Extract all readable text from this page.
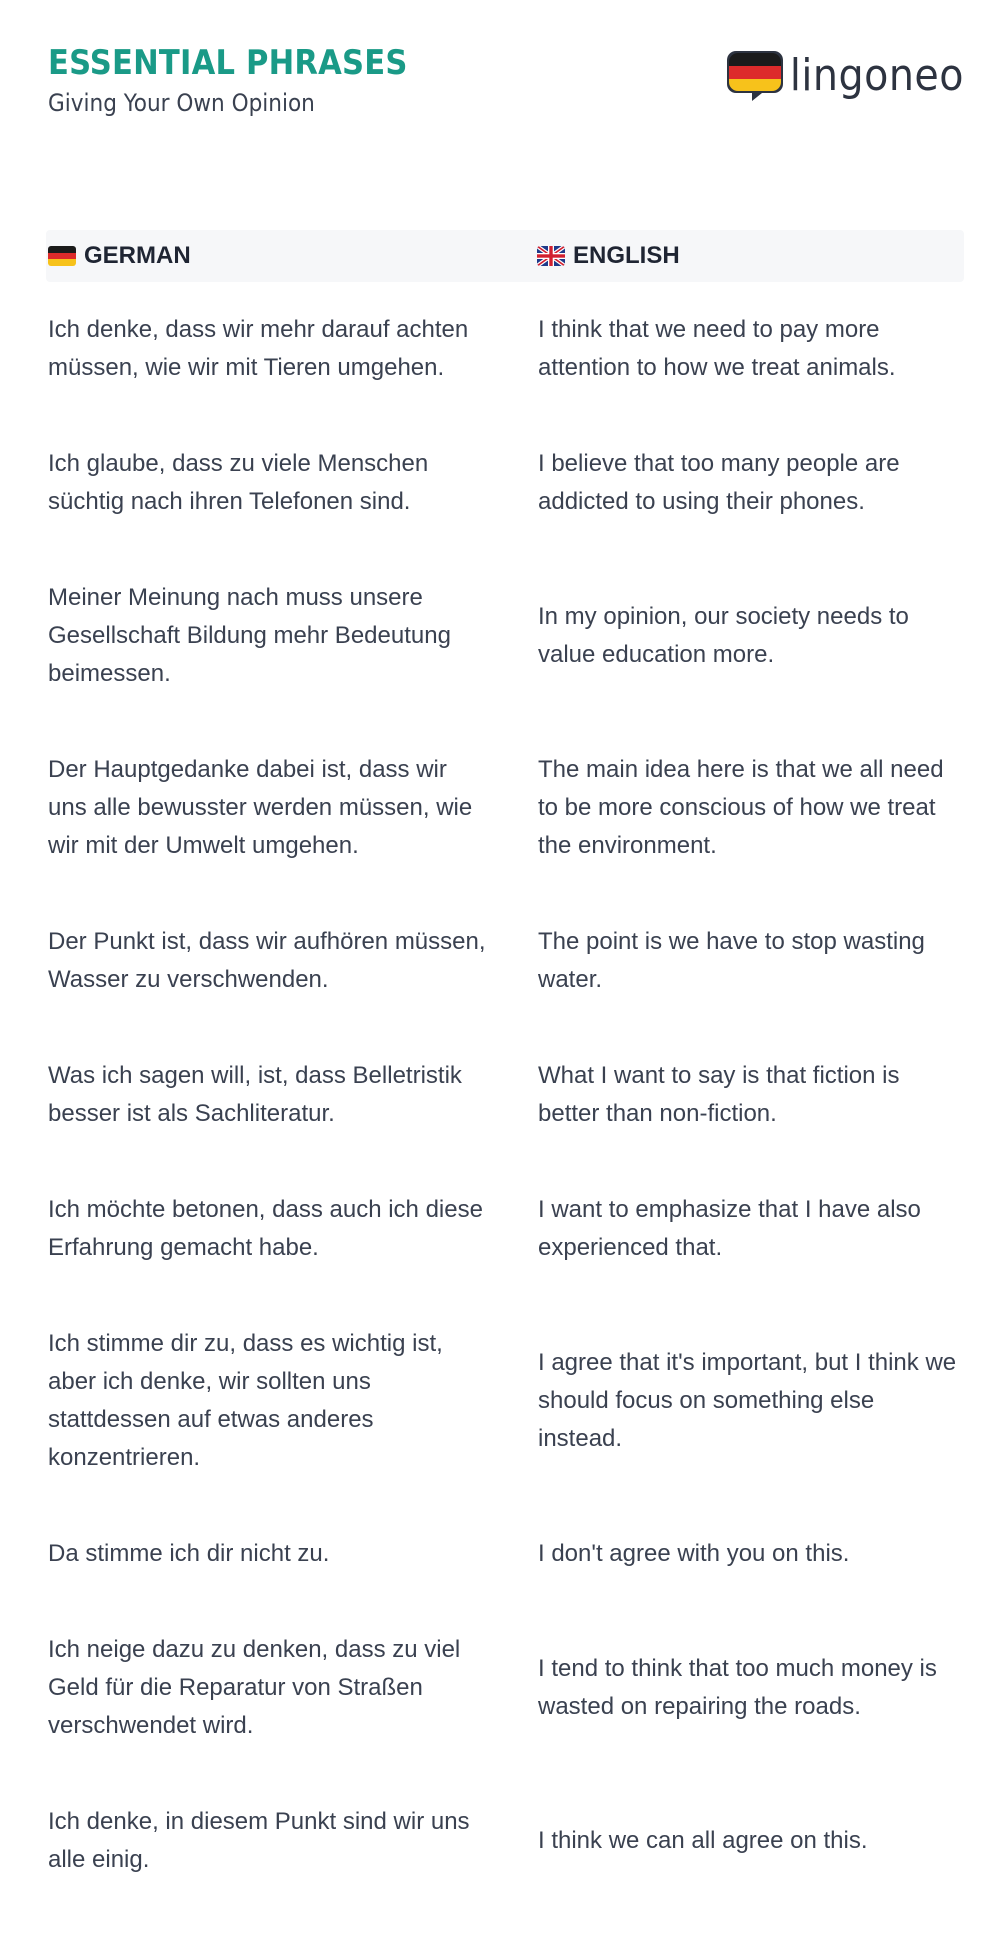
ESSENTIAL PHRASES
Giving Your Own Opinion
lingoneo
GERMAN	ENGLISH
Ich denke, dass wir mehr darauf achten müssen, wie wir mit Tieren umgehen.
I think that we need to pay more attention to how we treat animals.
Ich glaube, dass zu viele Menschen süchtig nach ihren Telefonen sind.
I believe that too many people are addicted to using their phones.
Meiner Meinung nach muss unsere Gesellschaft Bildung mehr Bedeutung beimessen.
In my opinion, our society needs to value education more.
Der Hauptgedanke dabei ist, dass wir uns alle bewusster werden müssen, wie wir mit der Umwelt umgehen.
The main idea here is that we all need to be more conscious of how we treat the environment.
Der Punkt ist, dass wir aufhören müssen, Wasser zu verschwenden.
The point is we have to stop wasting water.
Was ich sagen will, ist, dass Belletristik besser ist als Sachliteratur.
What I want to say is that fiction is better than non-fiction.
Ich möchte betonen, dass auch ich diese Erfahrung gemacht habe.
I want to emphasize that I have also experienced that.
Ich stimme dir zu, dass es wichtig ist, aber ich denke, wir sollten uns stattdessen auf etwas anderes konzentrieren.
I agree that it's important, but I think we should focus on something else instead.
Da stimme ich dir nicht zu.	I don't agree with you on this.
Ich neige dazu zu denken, dass zu viel Geld für die Reparatur von Straßen verschwendet wird.
I tend to think that too much money is wasted on repairing the roads.
Ich denke, in diesem Punkt sind wir uns alle einig.
I think we can all agree on this.
